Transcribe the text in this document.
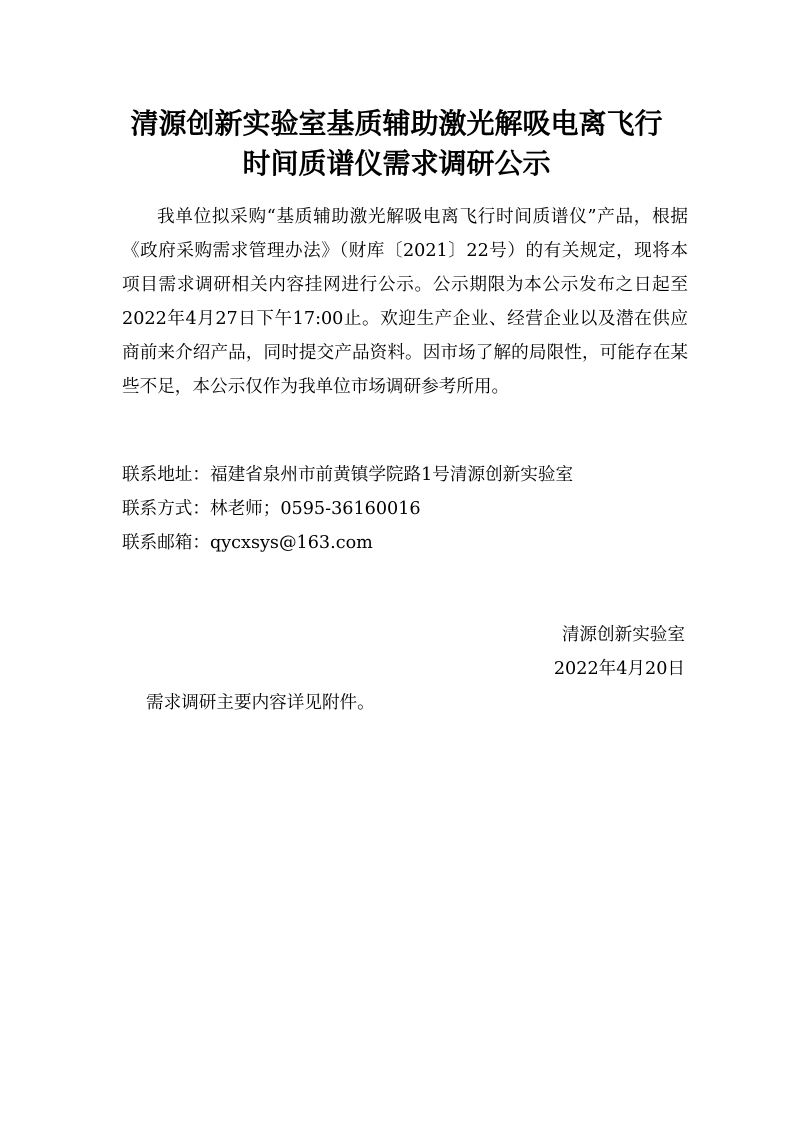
清源创新实验室基质辅助激光解吸电离飞行
时间质谱仪需求调研公示
我单位拟采购“基质辅助激光解吸电离飞行时间质谱仪”产品，根据《政府采购需求管理办法》（财库〔2021〕22号）的有关规定，现将本项目需求调研相关内容挂网进行公示。公示期限为本公示发布之日起至2022年4月27日下午17:00止。欢迎生产企业、经营企业以及潜在供应商前来介绍产品，同时提交产品资料。因市场了解的局限性，可能存在某些不足，本公示仅作为我单位市场调研参考所用。
联系地址：福建省泉州市前黄镇学院路1号清源创新实验室
联系方式：林老师；0595-36160016
联系邮箱：qycxsys@163.com
清源创新实验室
2022年4月20日
需求调研主要内容详见附件。
